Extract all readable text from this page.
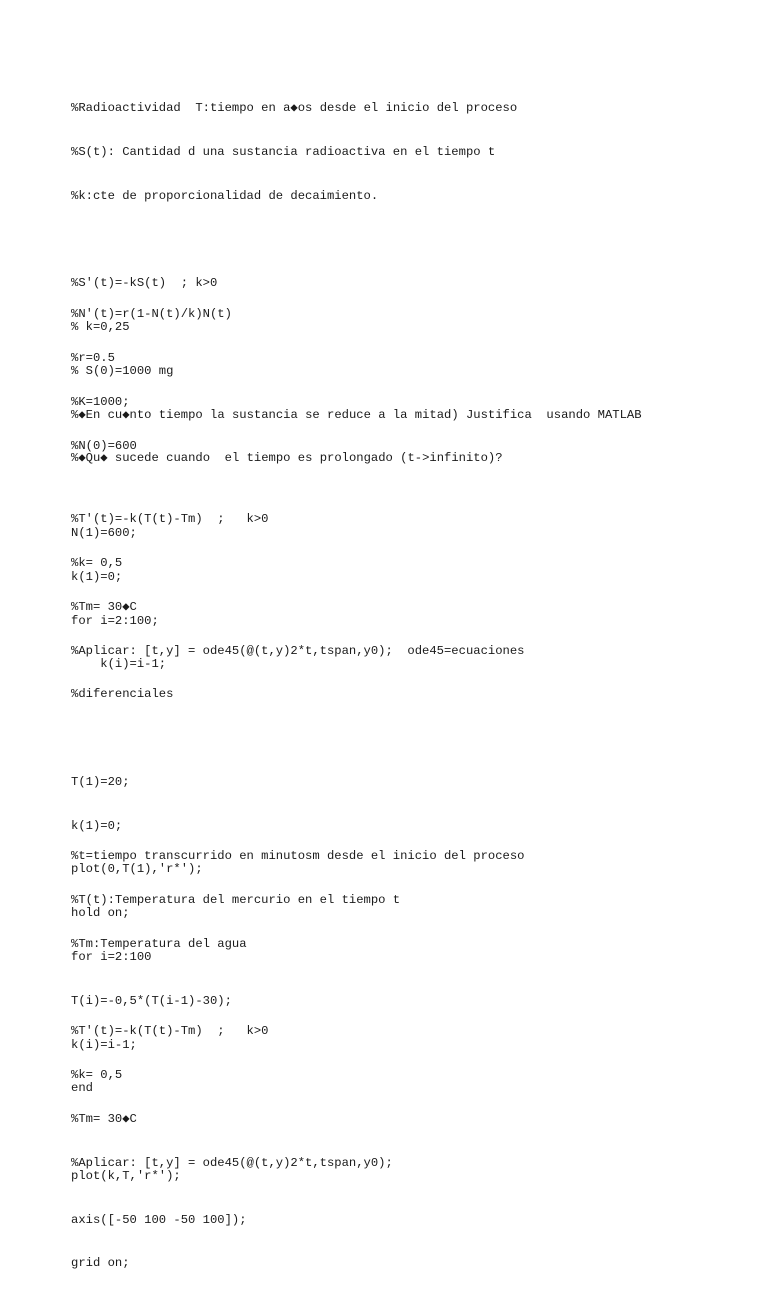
%Radioactividad  T:tiempo en a◆os desde el inicio del proceso

%S(t): Cantidad d una sustancia radioactiva en el tiempo t

%k:cte de proporcionalidad de decaimiento.

%S'(t)=-kS(t)  ; k>0

% k=0,25

% S(0)=1000 mg

%◆En cu◆nto tiempo la sustancia se reduce a la mitad) Justifica  usando MATLAB

%◆Qu◆ sucede cuando  el tiempo es prolongado (t->infinito)?

%N'(t)=r(1-N(t)/k)N(t)

%r=0.5

%K=1000;

%N(0)=600

N(1)=600;

k(1)=0;

for i=2:100;

k(i)=i-1;

%T'(t)=-k(T(t)-Tm)  ;   k>0

%k= 0,5

%Tm= 30◆C

%Aplicar: [t,y] = ode45(@(t,y)2*t,tspan,y0);  ode45=ecuaciones

%diferenciales

T(1)=20;

k(1)=0;

plot(0,T(1),'r*');

hold on;

for i=2:100

T(i)=-0,5*(T(i-1)-30);

k(i)=i-1;

end

plot(k,T,'r*');

axis([-50 100 -50 100]);

grid on;

%t=tiempo transcurrido en minutosm desde el inicio del proceso

%T(t):Temperatura del mercurio en el tiempo t

%Tm:Temperatura del agua

%T'(t)=-k(T(t)-Tm)  ;   k>0

%k= 0,5

%Tm= 30◆C

%Aplicar: [t,y] = ode45(@(t,y)2*t,tspan,y0);
